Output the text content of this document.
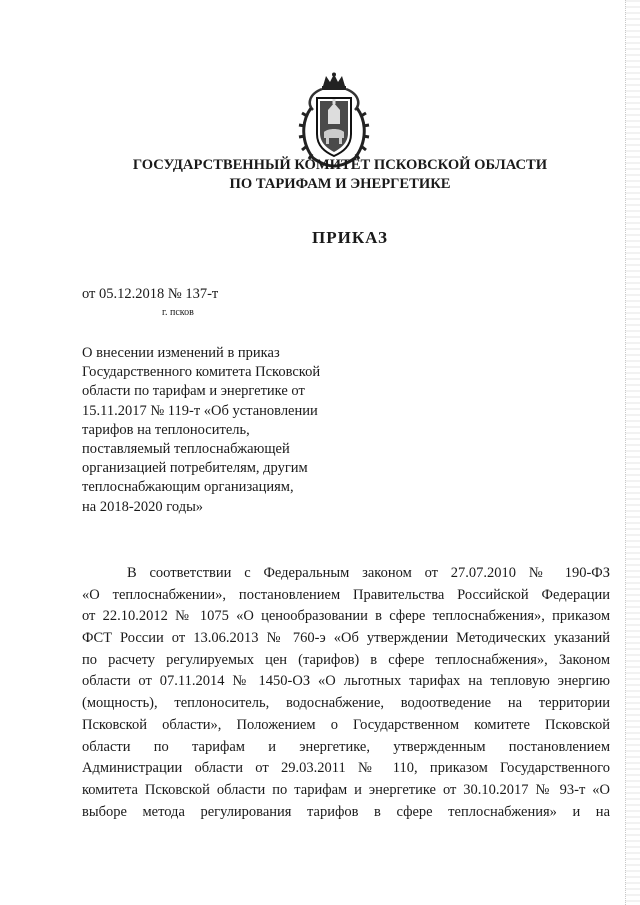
ГОСУДАРСТВЕННЫЙ КОМИТЕТ ПСКОВСКОЙ ОБЛАСТИ
ПО ТАРИФАМ И ЭНЕРГЕТИКЕ
ПРИКАЗ
от 05.12.2018 № 137-т
г. псков

О внесении изменений в приказ
Государственного комитета Псковской
области по тарифам и энергетике от
15.11.2017 № 119-т «Об установлении
тарифов на теплоноситель,
поставляемый теплоснабжающей
организацией потребителям, другим
теплоснабжающим организациям,
на 2018-2020 годы»

В соответствии с Федеральным законом от 27.07.2010 № 190-ФЗ
«О теплоснабжении», постановлением Правительства Российской Федерации
от 22.10.2012 № 1075 «О ценообразовании в сфере теплоснабжения», приказом
ФСТ России от 13.06.2013 № 760-э «Об утверждении Методических указаний
по расчету регулируемых цен (тарифов) в сфере теплоснабжения», Законом
области от 07.11.2014 № 1450-ОЗ «О льготных тарифах на тепловую энергию
(мощность), теплоноситель, водоснабжение, водоотведение на территории
Псковской области», Положением о Государственном комитете Псковской
области по тарифам и энергетике, утвержденным постановлением
Администрации области от 29.03.2011 № 110, приказом Государственного
комитета Псковской области по тарифам и энергетике от 30.10.2017 № 93-т «О
выборе метода регулирования тарифов в сфере теплоснабжения» и на
